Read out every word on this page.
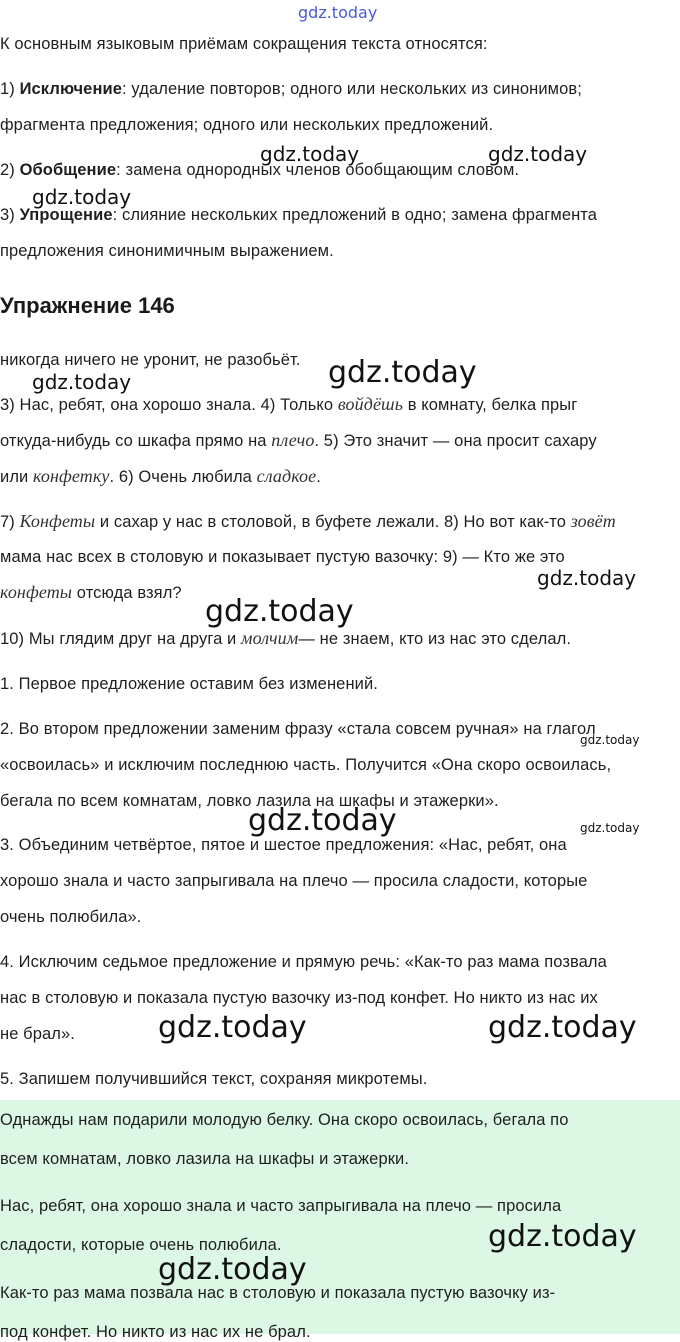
К основным языковым приёмам сокращения текста относятся:
1) Исключение: удаление повторов; одного или нескольких из синонимов;
фрагмента предложения; одного или нескольких предложений.
2) Обобщение: замена однородных членов обобщающим словом.
3) Упрощение: слияние нескольких предложений в одно; замена фрагмента
предложения синонимичным выражением.
Упражнение 146
никогда ничего не уронит, не разобьёт.
3) Нас, ребят, она хорошо знала. 4) Только войдёшь в комнату, белка прыг
откуда-нибудь со шкафа прямо на плечо. 5) Это значит — она просит сахару
или конфетку. 6) Очень любила сладкое.
7) Конфеты и сахар у нас в столовой, в буфете лежали. 8) Но вот как-то зовёт
мама нас всех в столовую и показывает пустую вазочку: 9) — Кто же это
конфеты отсюда взял?
10) Мы глядим друг на друга и молчим— не знаем, кто из нас это сделал.
1. Первое предложение оставим без изменений.
2. Во втором предложении заменим фразу «стала совсем ручная» на глагол
«освоилась» и исключим последнюю часть. Получится «Она скоро освоилась,
бегала по всем комнатам, ловко лазила на шкафы и этажерки».
3. Объединим четвёртое, пятое и шестое предложения: «Нас, ребят, она
хорошо знала и часто запрыгивала на плечо — просила сладости, которые
очень полюбила».
4. Исключим седьмое предложение и прямую речь: «Как-то раз мама позвала
нас в столовую и показала пустую вазочку из-под конфет. Но никто из нас их
не брал».
5. Запишем получившийся текст, сохраняя микротемы.
Однажды нам подарили молодую белку. Она скоро освоилась, бегала по
всем комнатам, ловко лазила на шкафы и этажерки.
Нас, ребят, она хорошо знала и часто запрыгивала на плечо — просила
сладости, которые очень полюбила.
Как-то раз мама позвала нас в столовую и показала пустую вазочку из-
под конфет. Но никто из нас их не брал.
gdz.today
gdz.today	gdz.today
gdz.today
gdz.today	gdz.today
gdz.today
gdz.today
gdz.today
gdz.today	gdz.today
gdz.today	gdz.today
gdz.today
gdz.today
